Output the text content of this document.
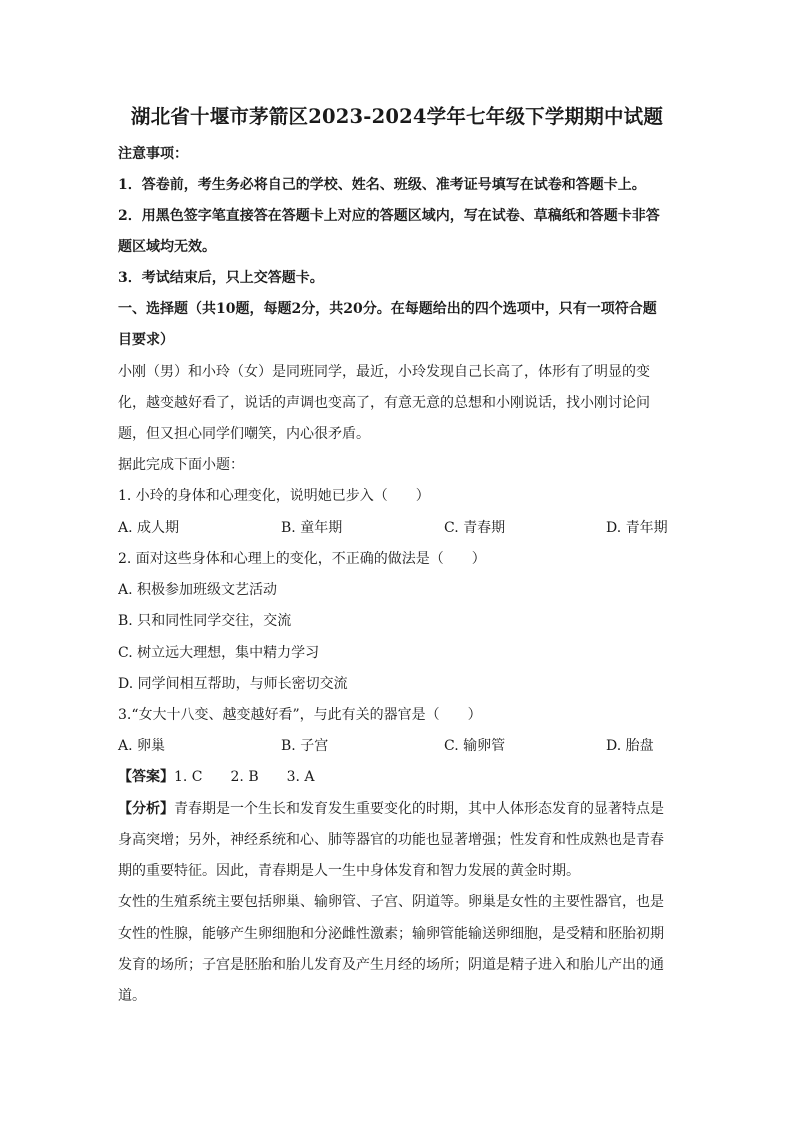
湖北省十堰市茅箭区2023-2024学年七年级下学期期中试题
注意事项：
1．答卷前，考生务必将自己的学校、姓名、班级、准考证号填写在试卷和答题卡上。
2．用黑色签字笔直接答在答题卡上对应的答题区域内，写在试卷、草稿纸和答题卡非答
题区域均无效。
3．考试结束后，只上交答题卡。
一、选择题（共10题，每题2分，共20分。在每题给出的四个选项中，只有一项符合题
目要求）
小刚（男）和小玲（女）是同班同学，最近，小玲发现自己长高了，体形有了明显的变
化，越变越好看了，说话的声调也变高了，有意无意的总想和小刚说话，找小刚讨论问
题，但又担心同学们嘲笑，内心很矛盾。
据此完成下面小题：
1. 小玲的身体和心理变化，说明她已步入（　　）
A. 成人期	B. 童年期	C. 青春期	D. 青年期
2. 面对这些身体和心理上的变化，不正确的做法是（　　）
A. 积极参加班级文艺活动
B. 只和同性同学交往，交流
C. 树立远大理想，集中精力学习
D. 同学间相互帮助，与师长密切交流
3.“女大十八变、越变越好看”，与此有关的器官是（　　）
A. 卵巢	B. 子宫	C. 输卵管	D. 胎盘
【答案】1. C　　2. B　　3. A
【分析】青春期是一个生长和发育发生重要变化的时期，其中人体形态发育的显著特点是
身高突增；另外，神经系统和心、肺等器官的功能也显著增强；性发育和性成熟也是青春
期的重要特征。因此，青春期是人一生中身体发育和智力发展的黄金时期。
女性的生殖系统主要包括卵巢、输卵管、子宫、阴道等。卵巢是女性的主要性器官，也是
女性的性腺，能够产生卵细胞和分泌雌性激素；输卵管能输送卵细胞，是受精和胚胎初期
发育的场所；子宫是胚胎和胎儿发育及产生月经的场所；阴道是精子进入和胎儿产出的通
道。
